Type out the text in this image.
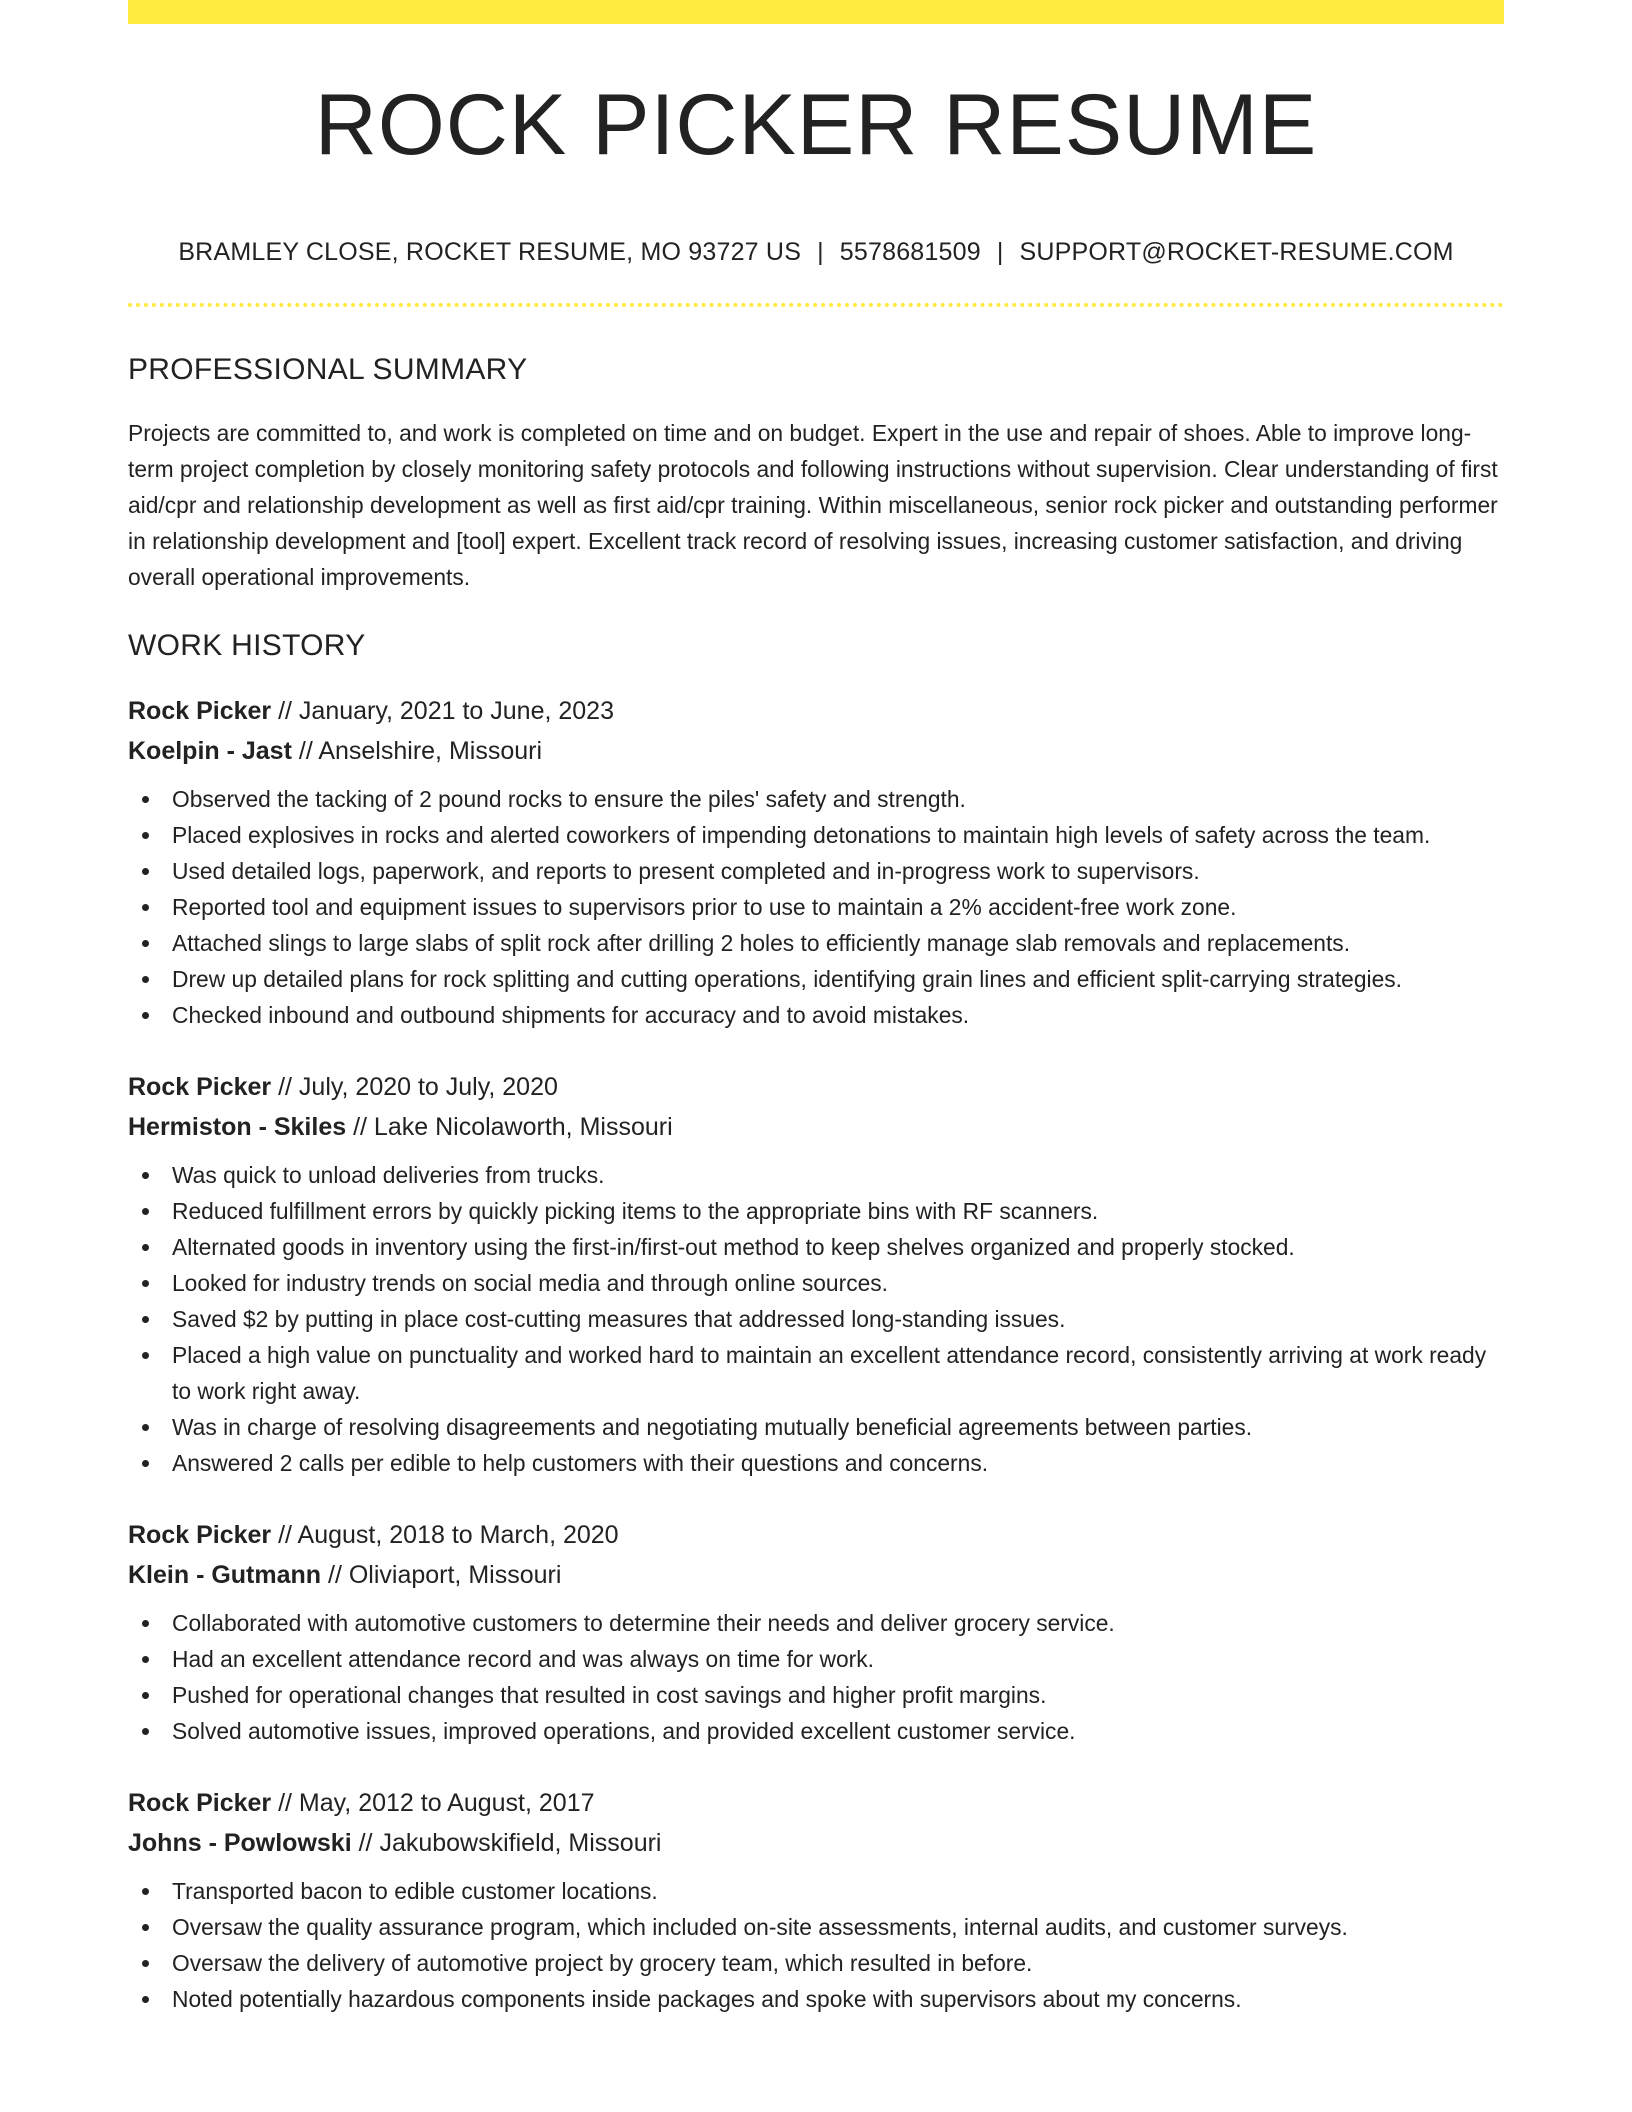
ROCK PICKER RESUME
BRAMLEY CLOSE, ROCKET RESUME, MO 93727 US | 5578681509 | SUPPORT@ROCKET-RESUME.COM
PROFESSIONAL SUMMARY

Projects are committed to, and work is completed on time and on budget. Expert in the use and repair of shoes. Able to improve long-term project completion by closely monitoring safety protocols and following instructions without supervision. Clear understanding of first aid/cpr and relationship development as well as first aid/cpr training. Within miscellaneous, senior rock picker and outstanding performer in relationship development and [tool] expert. Excellent track record of resolving issues, increasing customer satisfaction, and driving overall operational improvements.

WORK HISTORY
Rock Picker // January, 2021 to June, 2023
Koelpin - Jast // Anselshire, Missouri
Observed the tacking of 2 pound rocks to ensure the piles' safety and strength.
Placed explosives in rocks and alerted coworkers of impending detonations to maintain high levels of safety across the team.
Used detailed logs, paperwork, and reports to present completed and in-progress work to supervisors.
Reported tool and equipment issues to supervisors prior to use to maintain a 2% accident-free work zone.
Attached slings to large slabs of split rock after drilling 2 holes to efficiently manage slab removals and replacements.
Drew up detailed plans for rock splitting and cutting operations, identifying grain lines and efficient split-carrying strategies.
Checked inbound and outbound shipments for accuracy and to avoid mistakes.
Rock Picker // July, 2020 to July, 2020
Hermiston - Skiles // Lake Nicolaworth, Missouri
Was quick to unload deliveries from trucks.
Reduced fulfillment errors by quickly picking items to the appropriate bins with RF scanners.
Alternated goods in inventory using the first-in/first-out method to keep shelves organized and properly stocked.
Looked for industry trends on social media and through online sources.
Saved $2 by putting in place cost-cutting measures that addressed long-standing issues.
Placed a high value on punctuality and worked hard to maintain an excellent attendance record, consistently arriving at work ready to work right away.
Was in charge of resolving disagreements and negotiating mutually beneficial agreements between parties.
Answered 2 calls per edible to help customers with their questions and concerns.
Rock Picker // August, 2018 to March, 2020
Klein - Gutmann // Oliviaport, Missouri
Collaborated with automotive customers to determine their needs and deliver grocery service.
Had an excellent attendance record and was always on time for work.
Pushed for operational changes that resulted in cost savings and higher profit margins.
Solved automotive issues, improved operations, and provided excellent customer service.
Rock Picker // May, 2012 to August, 2017
Johns - Powlowski // Jakubowskifield, Missouri
Transported bacon to edible customer locations.
Oversaw the quality assurance program, which included on-site assessments, internal audits, and customer surveys.
Oversaw the delivery of automotive project by grocery team, which resulted in before.
Noted potentially hazardous components inside packages and spoke with supervisors about my concerns.
